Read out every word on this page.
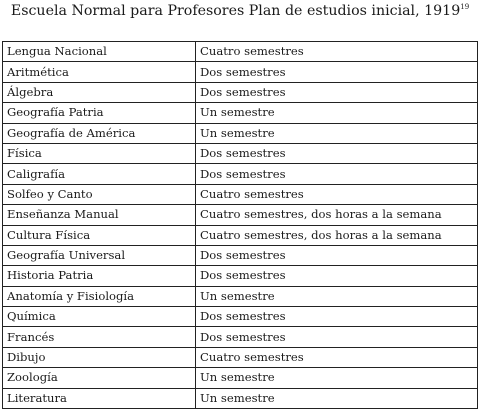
Escuela Normal para Profesores Plan de estudios inicial, 1919$^{19}$
Lengua Nacional	Cuatro semestres
Aritmética	Dos semestres
Álgebra	Dos semestres
Geografía Patria	Un semestre
Geografía de América	Un semestre
Física	Dos semestres
Caligrafía	Dos semestres
Solfeo y Canto	Cuatro semestres
Enseñanza Manual	Cuatro semestres, dos horas a la semana
Cultura Física	Cuatro semestres, dos horas a la semana
Geografía Universal	Dos semestres
Historia Patria	Dos semestres
Anatomía y Fisiología	Un semestre
Química	Dos semestres
Francés	Dos semestres
Dibujo	Cuatro semestres
Zoología	Un semestre
Literatura	Un semestre
